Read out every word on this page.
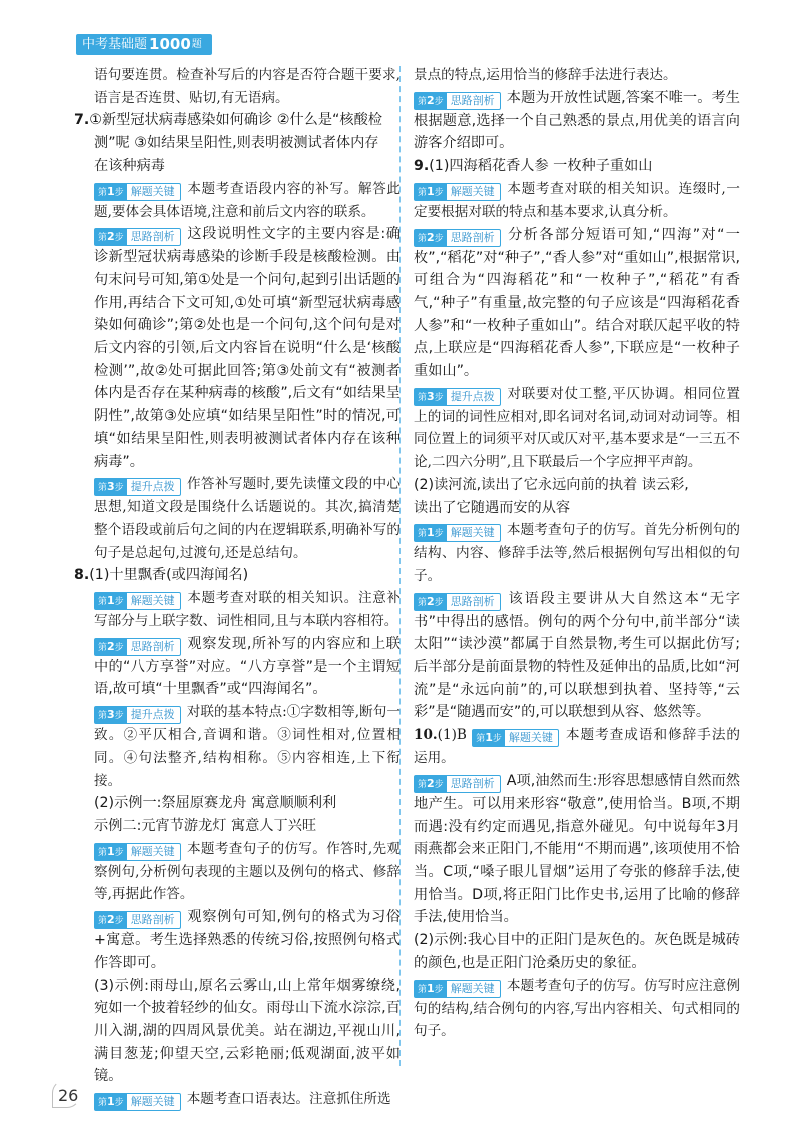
中考基础题 1000 题

语句要连贯。检查补写后的内容是否符合题干要求,语言是否连贯、贴切,有无语病。

7.①新型冠状病毒感染如何确诊 ②什么是“核酸检
测”呢 ③如结果呈阳性,则表明被测试者体内存
在该种病毒

第1步 解题关键 本题考查语段内容的补写。解答此题,要体会具体语境,注意和前后文内容的联系。

第2步 思路剖析 这段说明性文字的主要内容是:确诊新型冠状病毒感染的诊断手段是核酸检测。由句末问号可知,第①处是一个问句,起到引出话题的作用,再结合下文可知,①处可填“新型冠状病毒感染如何确诊”;第②处也是一个问句,这个问句是对后文内容的引领,后文内容旨在说明“什么是‘核酸检测’”,故②处可据此回答;第③处前文有“被测者体内是否存在某种病毒的核酸”,后文有“如结果呈阴性”,故第③处应填“如结果呈阳性”时的情况,可填“如结果呈阳性,则表明被测试者体内存在该种病毒”。

第3步 提升点拨 作答补写题时,要先读懂文段的中心思想,知道文段是围绕什么话题说的。其次,搞清楚整个语段或前后句之间的内在逻辑联系,明确补写的句子是总起句,过渡句,还是总结句。

8.(1)十里飘香(或四海闻名)

第1步 解题关键 本题考查对联的相关知识。注意补写部分与上联字数、词性相同,且与本联内容相符。

第2步 思路剖析 观察发现,所补写的内容应和上联中的“八方享誉”对应。“八方享誉”是一个主谓短语,故可填“十里飘香”或“四海闻名”。

第3步 提升点拨 对联的基本特点:①字数相等,断句一致。②平仄相合,音调和谐。③词性相对,位置相同。④句法整齐,结构相称。⑤内容相连,上下衔接。

(2)示例一:祭屈原赛龙舟 寓意顺顺利利
示例二:元宵节游龙灯 寓意人丁兴旺

第1步 解题关键 本题考查句子的仿写。作答时,先观察例句,分析例句表现的主题以及例句的格式、修辞等,再据此作答。

第2步 思路剖析 观察例句可知,例句的格式为习俗+寓意。考生选择熟悉的传统习俗,按照例句格式作答即可。

(3)示例:雨母山,原名云雾山,山上常年烟雾缭绕,宛如一个披着轻纱的仙女。雨母山下流水淙淙,百川入湖,湖的四周风景优美。站在湖边,平视山川,满目葱茏;仰望天空,云彩艳丽;低观湖面,波平如镜。

第1步 解题关键 本题考查口语表达。注意抓住所选

景点的特点,运用恰当的修辞手法进行表达。

第2步 思路剖析 本题为开放性试题,答案不唯一。考生根据题意,选择一个自己熟悉的景点,用优美的语言向游客介绍即可。

9.(1)四海稻花香人参 一枚种子重如山

第1步 解题关键 本题考查对联的相关知识。连缀时,一定要根据对联的特点和基本要求,认真分析。

第2步 思路剖析 分析各部分短语可知,“四海”对“一枚”,“稻花”对“种子”,“香人参”对“重如山”,根据常识,可组合为“四海稻花”和“一枚种子”,“稻花”有香气,“种子”有重量,故完整的句子应该是“四海稻花香人参”和“一枚种子重如山”。结合对联仄起平收的特点,上联应是“四海稻花香人参”,下联应是“一枚种子重如山”。

第3步 提升点拨 对联要对仗工整,平仄协调。相同位置上的词的词性应相对,即名词对名词,动词对动词等。相同位置上的词须平对仄或仄对平,基本要求是“一三五不论,二四六分明”,且下联最后一个字应押平声韵。

(2)读河流,读出了它永远向前的执着 读云彩,
读出了它随遇而安的从容

第1步 解题关键 本题考查句子的仿写。首先分析例句的结构、内容、修辞手法等,然后根据例句写出相似的句子。

第2步 思路剖析 该语段主要讲从大自然这本“无字书”中得出的感悟。例句的两个分句中,前半部分“读太阳”“读沙漠”都属于自然景物,考生可以据此仿写;后半部分是前面景物的特性及延伸出的品质,比如“河流”是“永远向前”的,可以联想到执着、坚持等,“云彩”是“随遇而安”的,可以联想到从容、悠然等。

10.(1)B	第1步 解题关键 本题考查成语和修辞手法的运用。

第2步 思路剖析 A项,油然而生:形容思想感情自然而然地产生。可以用来形容“敬意”,使用恰当。B项,不期而遇:没有约定而遇见,指意外碰见。句中说每年3月雨燕都会来正阳门,不能用“不期而遇”,该项使用不恰当。C项,“嗓子眼儿冒烟”运用了夸张的修辞手法,使用恰当。D项,将正阳门比作史书,运用了比喻的修辞手法,使用恰当。

(2)示例:我心目中的正阳门是灰色的。灰色既是城砖的颜色,也是正阳门沧桑历史的象征。

第1步 解题关键 本题考查句子的仿写。仿写时应注意例句的结构,结合例句的内容,写出内容相关、句式相同的句子。

26
